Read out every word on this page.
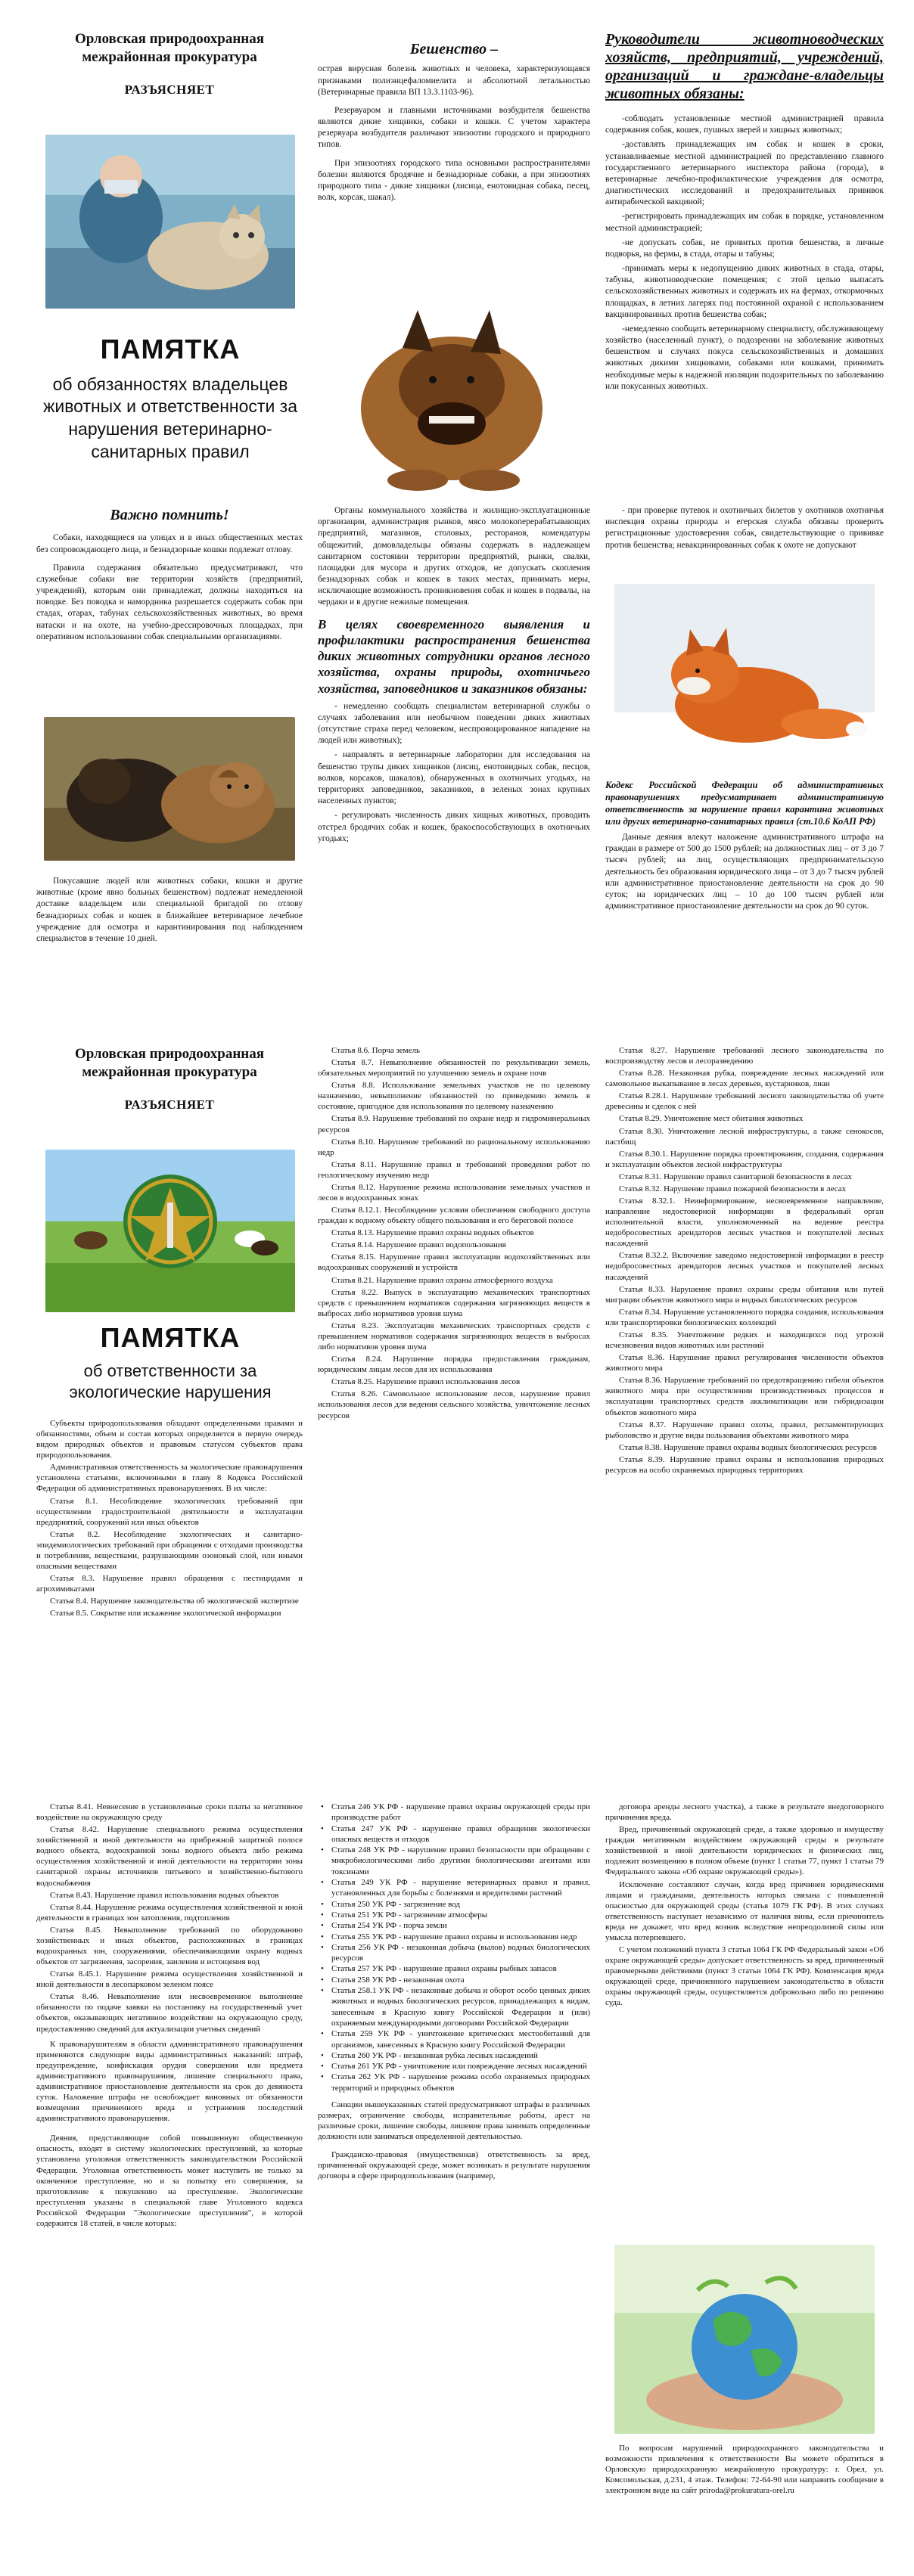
Орловская природоохранная межрайонная прокуратура
РАЗЪЯСНЯЕТ
ПАМЯТКА
об обязанностях владельцев животных и ответственности за нарушения ветеринарно-санитарных правил
Важно помнить!

Собаки, находящиеся на улицах и в иных общественных местах без сопровождающего лица, и безнадзорные кошки подлежат отлову.

Правила содержания обязательно предусматривают, что служебные собаки вне территории хозяйств (предприятий, учреждений), которым они принадлежат, должны находиться на поводке. Без поводка и намордника разрешается содержать собак при стадах, отарах, табунах сельскохозяйственных животных, во время натаски и на охоте, на учебно-дрессировочных площадках, при оперативном использовании собак специальными организациями.

Покусавшие людей или животных собаки, кошки и другие животные (кроме явно больных бешенством) подлежат немедленной доставке владельцем или специальной бригадой по отлову безнадзорных собак и кошек в ближайшее ветеринарное лечебное учреждение для осмотра и карантинирования под наблюдением специалистов в течение 10 дней.

Бешенство –

острая вирусная болезнь животных и человека, характеризующаяся признаками полиэнцефаломиелита и абсолютной летальностью (Ветеринарные правила ВП 13.3.1103-96).

Резервуаром и главными источниками возбудителя бешенства являются дикие хищники, собаки и кошки. С учетом характера резервуара возбудителя различают эпизоотии городского и природного типов.

При эпизоотиях городского типа основными распространителями болезни являются бродячие и безнадзорные собаки, а при эпизоотиях природного типа - дикие хищники (лисица, енотовидная собака, песец, волк, корсак, шакал).

Органы коммунального хозяйства и жилищно-эксплуатационные организации, администрация рынков, мясо молокоперерабатывающих предприятий, магазинов, столовых, ресторанов, комендатуры общежитий, домовладельцы обязаны содержать в надлежащем санитарном состоянии территории предприятий, рынки, свалки, площадки для мусора и других отходов, не допускать скопления безнадзорных собак и кошек в таких местах, принимать меры, исключающие возможность проникновения собак и кошек в подвалы, на чердаки и в другие нежилые помещения.

В целях своевременного выявления и профилактики распространения бешенства диких животных сотрудники органов лесного хозяйства, охраны природы, охотничьего хозяйства, заповедников и заказников обязаны:

- немедленно сообщать специалистам ветеринарной службы о случаях заболевания или необычном поведении диких животных (отсутствие страха перед человеком, неспровоцированное нападение на людей или животных);

- направлять в ветеринарные лаборатории для исследования на бешенство трупы диких хищников (лисиц, енотовидных собак, песцов, волков, корсаков, шакалов), обнаруженных в охотничьих угодьях, на территориях заповедников, заказников, в зеленых зонах крупных населенных пунктов;

- регулировать численность диких хищных животных, проводить отстрел бродячих собак и кошек, бракоспособствующих в охотничьих угодьях;

Руководители животноводческих хозяйств, предприятий, учреждений, организаций и граждане-владельцы животных обязаны:

-соблюдать установленные местной администрацией правила содержания собак, кошек, пушных зверей и хищных животных;

-доставлять принадлежащих им собак и кошек в сроки, устанавливаемые местной администрацией по представлению главного государственного ветеринарного инспектора района (города), в ветеринарные лечебно-профилактические учреждения для осмотра, диагностических исследований и предохранительных прививок антирабической вакциной;

-регистрировать принадлежащих им собак в порядке, установленном местной администрацией;

-не допускать собак, не привитых против бешенства, в личные подворья, на фермы, в стада, отары и табуны;

-принимать меры к недопущению диких животных в стада, отары, табуны, животноводческие помещения; с этой целью выпасать сельскохозяйственных животных и содержать их на фермах, откормочных площадках, в летних лагерях под постоянной охраной с использованием вакцинированных против бешенства собак;

-немедленно сообщать ветеринарному специалисту, обслуживающему хозяйство (населенный пункт), о подозрении на заболевание животных бешенством и случаях покуса сельскохозяйственных и домашних животных дикими хищниками, собаками или кошками, принимать необходимые меры к надежной изоляции подозрительных по заболеванию или покусанных животных.

- при проверке путевок и охотничьих билетов у охотников охотничья инспекция охраны природы и егерская служба обязаны проверить регистрационные удостоверения собак, свидетельствующие о прививке против бешенства; невакцинированных собак к охоте не допускают

Кодекс Российской Федерации об административных правонарушениях предусматривает административную ответственность за нарушение правил карантина животных или других ветеринарно-санитарных правил (ст.10.6 КоАП РФ)

Данные деяния влекут наложение административного штрафа на граждан в размере от 500 до 1500 рублей; на должностных лиц – от 3 до 7 тысяч рублей; на лиц, осуществляющих предпринимательскую деятельность без образования юридического лица – от 3 до 7 тысяч рублей или административное приостановление деятельности на срок до 90 суток; на юридических лиц – 10 до 100 тысяч рублей или административное приостановление деятельности на срок до 90 суток.

Орловская природоохранная межрайонная прокуратура
РАЗЪЯСНЯЕТ
ПАМЯТКА
об ответственности за экологические нарушения

Субъекты природопользования обладают определенными правами и обязанностями, объем и состав которых определяется в первую очередь видом природных объектов и правовым статусом субъектов права природопользования.

Административная ответственность за экологические правонарушения установлена статьями, включенными в главу 8 Кодекса Российской Федерации об административных правонарушениях. В их числе:

Статья 8.1. Несоблюдение экологических требований при осуществлении градостроительной деятельности и эксплуатации предприятий, сооружений или иных объектов

Статья 8.2. Несоблюдение экологических и санитарно-эпидемиологических требований при обращении с отходами производства и потребления, веществами, разрушающими озоновый слой, или иными опасными веществами

Статья 8.3. Нарушение правил обращения с пестицидами и агрохимикатами

Статья 8.4. Нарушение законодательства об экологической экспертизе

Статья 8.5. Сокрытие или искажение экологической информации

Статья 8.6. Порча земель

Статья 8.7. Невыполнение обязанностей по рекультивации земель, обязательных мероприятий по улучшению земель и охране почв

Статья 8.8. Использование земельных участков не по целевому назначению, невыполнение обязанностей по приведению земель в состояние, пригодное для использования по целевому назначению

Статья 8.9. Нарушение требований по охране недр и гидроминеральных ресурсов

Статья 8.10. Нарушение требований по рациональному использованию недр

Статья 8.11. Нарушение правил и требований проведения работ по геологическому изучению недр

Статья 8.12. Нарушение режима использования земельных участков и лесов в водоохранных зонах

Статья 8.12.1. Несоблюдение условия обеспечения свободного доступа граждан к водному объекту общего пользования и его береговой полосе

Статья 8.13. Нарушение правил охраны водных объектов

Статья 8.14. Нарушение правил водопользования

Статья 8.15. Нарушение правил эксплуатации водохозяйственных или водоохранных сооружений и устройств

Статья 8.21. Нарушение правил охраны атмосферного воздуха

Статья 8.22. Выпуск в эксплуатацию механических транспортных средств с превышением нормативов содержания загрязняющих веществ в выбросах либо нормативов уровня шума

Статья 8.23. Эксплуатация механических транспортных средств с превышением нормативов содержания загрязняющих веществ в выбросах либо нормативов уровня шума

Статья 8.24. Нарушение порядка предоставления гражданам, юридическим лицам лесов для их использования

Статья 8.25. Нарушение правил использования лесов

Статья 8.26. Самовольное использование лесов, нарушение правил использования лесов для ведения сельского хозяйства, уничтожение лесных ресурсов

Статья 8.27. Нарушение требований лесного законодательства по воспроизводству лесов и лесоразведению

Статья 8.28. Незаконная рубка, повреждение лесных насаждений или самовольное выкапывание в лесах деревьев, кустарников, лиан

Статья 8.28.1. Нарушение требований лесного законодательства об учете древесины и сделок с ней

Статья 8.29. Уничтожение мест обитания животных

Статья 8.30. Уничтожение лесной инфраструктуры, а также сенокосов, пастбищ

Статья 8.30.1. Нарушение порядка проектирования, создания, содержания и эксплуатации объектов лесной инфраструктуры

Статья 8.31. Нарушение правил санитарной безопасности в лесах

Статья 8.32. Нарушение правил пожарной безопасности в лесах

Статья 8.32.1. Неинформирование, несвоевременное направление, направление недостоверной информации в федеральный орган исполнительной власти, уполномоченный на ведение реестра недобросовестных арендаторов лесных участков и покупателей лесных насаждений

Статья 8.32.2. Включение заведомо недостоверной информации в реестр недобросовестных арендаторов лесных участков и покупателей лесных насаждений

Статья 8.33. Нарушение правил охраны среды обитания или путей миграции объектов животного мира и водных биологических ресурсов

Статья 8.34. Нарушение установленного порядка создания, использования или транспортировки биологических коллекций

Статья 8.35. Уничтожение редких и находящихся под угрозой исчезновения видов животных или растений

Статья 8.36. Нарушение правил регулирования численности объектов животного мира

Статья 8.36. Нарушение требований по предотвращению гибели объектов животного мира при осуществлении производственных процессов и эксплуатации транспортных средств акклиматизации или гибридизации объектов животного мира

Статья 8.37. Нарушение правил охоты, правил, регламентирующих рыболовство и другие виды пользования объектами животного мира

Статья 8.38. Нарушение правил охраны водных биологических ресурсов

Статья 8.39. Нарушение правил охраны и использования природных ресурсов на особо охраняемых природных территориях

Статья 8.41. Невнесение в установленные сроки платы за негативное воздействие на окружающую среду

Статья 8.42. Нарушение специального режима осуществления хозяйственной и иной деятельности на прибрежной защитной полосе водного объекта, водоохранной зоны водного объекта либо режима осуществления хозяйственной и иной деятельности на территории зоны санитарной охраны источников питьевого и хозяйственно-бытового водоснабжения

Статья 8.43. Нарушение правил использования водных объектов

Статья 8.44. Нарушение режима осуществления хозяйственной и иной деятельности в границах зон затопления, подтопления

Статья 8.45. Невыполнение требований по оборудованию хозяйственных и иных объектов, расположенных в границах водоохранных зон, сооружениями, обеспечивающими охрану водных объектов от загрязнения, засорения, заиления и истощения вод

Статья 8.45.1. Нарушение режима осуществления хозяйственной и иной деятельности в лесопарковом зеленом поясе

Статья 8.46. Невыполнение или несвоевременное выполнение обязанности по подаче заявки на постановку на государственный учет объектов, оказывающих негативное воздействие на окружающую среду, предоставлению сведений для актуализации учетных сведений

К правонарушителям в области административного правонарушения применяются следующие виды административных наказаний: штраф, предупреждение, конфискация орудия совершения или предмета административного правонарушения, лишение специального права, административное приостановление деятельности на срок до девяноста суток. Наложение штрафа не освобождает виновных от обязанности возмещения причиненного вреда и устранения последствий административного правонарушения.

Деяния, представляющие собой повышенную общественную опасность, входят в систему экологических преступлений, за которые установлена уголовная ответственность законодательством Российской Федерации. Уголовная ответственность может наступить не только за оконченное преступление, но и за попытку его совершения, за приготовление к покушению на преступление. Экологические преступления указаны в специальной главе Уголовного кодекса Российской Федерации "Экологические преступления", в которой содержится 18 статей, в числе которых:

• Статья 246 УК РФ - нарушение правил охраны окружающей среды при производстве работ
• Статья 247 УК РФ - нарушение правил обращения экологически опасных веществ и отходов
• Статья 248 УК РФ - нарушение правил безопасности при обращении с микробиологическими либо другими биологическими агентами или токсинами
• Статья 249 УК РФ - нарушение ветеринарных правил и правил, установленных для борьбы с болезнями и вредителями растений
• Статья 250 УК РФ - загрязнение вод
• Статья 251 УК РФ - загрязнение атмосферы
• Статья 254 УК РФ - порча земли
• Статья 255 УК РФ - нарушение правил охраны и использования недр
• Статья 256 УК РФ - незаконная добыча (вылов) водных биологических ресурсов
• Статья 257 УК РФ - нарушение правил охраны рыбных запасов
• Статья 258 УК РФ - незаконная охота
• Статья 258.1 УК РФ - незаконные добыча и оборот особо ценных диких животных и водных биологических ресурсов, принадлежащих к видам, занесенным в Красную книгу Российской Федерации и (или) охраняемым международными договорами Российской Федерации
• Статья 259 УК РФ - уничтожение критических местообитаний для организмов, занесенных в Красную книгу Российской Федерации
• Статья 260 УК РФ - незаконная рубка лесных насаждений
• Статья 261 УК РФ - уничтожение или повреждение лесных насаждений
• Статья 262 УК РФ - нарушение режима особо охраняемых природных территорий и природных объектов

Санкции вышеуказанных статей предусматривают штрафы в различных размерах, ограничение свободы, исправительные работы, арест на различные сроки, лишение свободы, лишение права занимать определенные должности или заниматься определенной деятельностью.

Гражданско-правовая (имущественная) ответственность за вред, причиненный окружающей среде, может возникать в результате нарушения договора в сфере природопользования (например,

договора аренды лесного участка), а также в результате внедоговорного причинения вреда.

Вред, причиненный окружающей среде, а также здоровью и имуществу граждан негативным воздействием окружающей среды в результате хозяйственной и иной деятельности юридических и физических лиц, подлежит возмещению в полном объеме (пункт 1 статьи 77, пункт 1 статьи 79 Федерального закона «Об охране окружающей среды»).

Исключение составляют случаи, когда вред причинен юридическими лицами и гражданами, деятельность которых связана с повышенной опасностью для окружающей среды (статья 1079 ГК РФ). В этих случаях ответственность наступает независимо от наличия вины, если причинитель вреда не докажет, что вред возник вследствие непреодолимой силы или умысла потерпевшего.

С учетом положений пункта 3 статьи 1064 ГК РФ Федеральный закон «Об охране окружающей среды» допускает ответственность за вред, причиненный правомерными действиями (пункт 3 статьи 1064 ГК РФ). Компенсация вреда окружающей среде, причиненного нарушением законодательства в области охраны окружающей среды, осуществляется добровольно либо по решению суда.

По вопросам нарушений природоохранного законодательства и возможности привлечения к ответственности Вы можете обратиться в Орловскую природоохранную межрайонную прокуратуру: г. Орел, ул. Комсомольская, д.231, 4 этаж. Телефон: 72-64-90 или направить сообщение в электронном виде на сайт prirodа@prokuratura-orel.ru
